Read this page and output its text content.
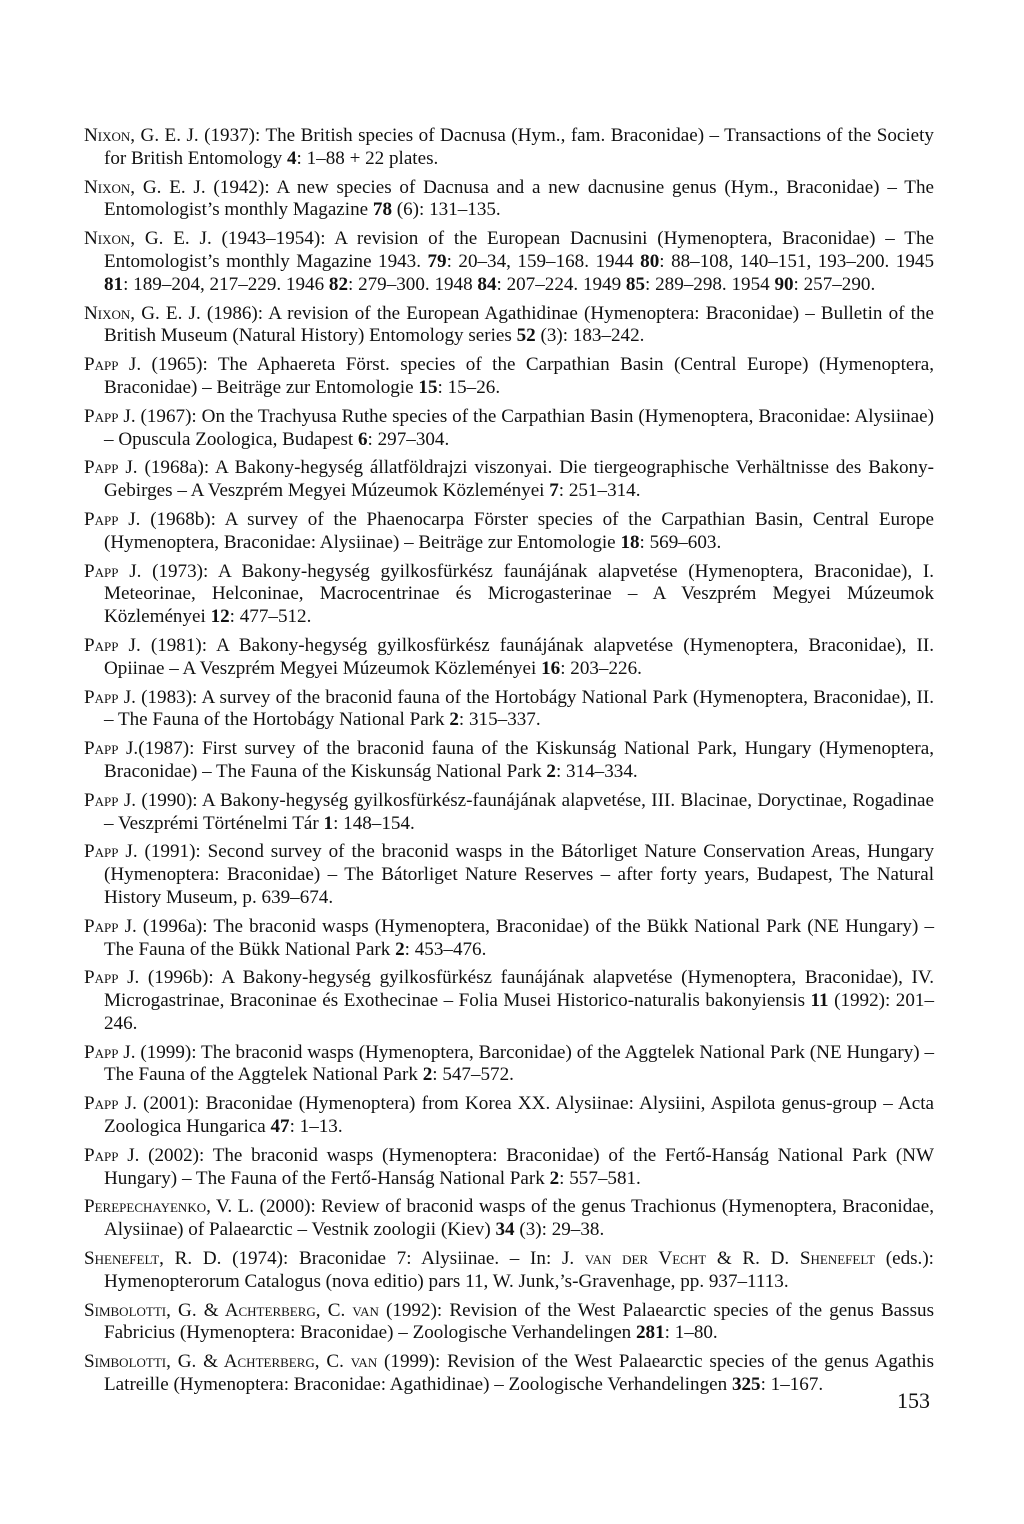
Nixon, G. E. J. (1937): The British species of Dacnusa (Hym., fam. Braconidae) – Transactions of the Society for British Entomology 4: 1–88 + 22 plates.

Nixon, G. E. J. (1942): A new species of Dacnusa and a new dacnusine genus (Hym., Braconidae) – The Entomologist’s monthly Magazine 78 (6): 131–135.

Nixon, G. E. J. (1943–1954): A revision of the European Dacnusini (Hymenoptera, Braconidae) – The Entomologist’s monthly Magazine 1943. 79: 20–34, 159–168. 1944 80: 88–108, 140–151, 193–200. 1945 81: 189–204, 217–229. 1946 82: 279–300. 1948 84: 207–224. 1949 85: 289–298. 1954 90: 257–290.

Nixon, G. E. J. (1986): A revision of the European Agathidinae (Hymenoptera: Braconidae) – Bulletin of the British Museum (Natural History) Entomology series 52 (3): 183–242.

Papp J. (1965): The Aphaereta Först. species of the Carpathian Basin (Central Europe) (Hymenoptera, Braconidae) – Beiträge zur Entomologie 15: 15–26.

Papp J. (1967): On the Trachyusa Ruthe species of the Carpathian Basin (Hymenoptera, Braconidae: Alysiinae) – Opuscula Zoologica, Budapest 6: 297–304.

Papp J. (1968a): A Bakony-hegység állatföldrajzi viszonyai. Die tiergeographische Verhältnisse des Bakony-Gebirges – A Veszprém Megyei Múzeumok Közleményei 7: 251–314.

Papp J. (1968b): A survey of the Phaenocarpa Förster species of the Carpathian Basin, Central Europe (Hymenoptera, Braconidae: Alysiinae) – Beiträge zur Entomologie 18: 569–603.

Papp J. (1973): A Bakony-hegység gyilkosfürkész faunájának alapvetése (Hymenoptera, Braconidae), I. Meteorinae, Helconinae, Macrocentrinae és Microgasterinae – A Veszprém Megyei Múzeumok Közleményei 12: 477–512.

Papp J. (1981): A Bakony-hegység gyilkosfürkész faunájának alapvetése (Hymenoptera, Braconidae), II. Opiinae – A Veszprém Megyei Múzeumok Közleményei 16: 203–226.

Papp J. (1983): A survey of the braconid fauna of the Hortobágy National Park (Hymenoptera, Braconidae), II. – The Fauna of the Hortobágy National Park 2: 315–337.

Papp J.(1987): First survey of the braconid fauna of the Kiskunság National Park, Hungary (Hymenoptera, Braconidae) – The Fauna of the Kiskunság National Park 2: 314–334.

Papp J. (1990): A Bakony-hegység gyilkosfürkész-faunájának alapvetése, III. Blacinae, Doryctinae, Rogadinae – Veszprémi Történelmi Tár 1: 148–154.

Papp J. (1991): Second survey of the braconid wasps in the Bátorliget Nature Conservation Areas, Hungary (Hymenoptera: Braconidae) – The Bátorliget Nature Reserves – after forty years, Budapest, The Natural History Museum, p. 639–674.

Papp J. (1996a): The braconid wasps (Hymenoptera, Braconidae) of the Bükk National Park (NE Hungary) – The Fauna of the Bükk National Park 2: 453–476.

Papp J. (1996b): A Bakony-hegység gyilkosfürkész faunájának alapvetése (Hymenoptera, Braconidae), IV. Microgastrinae, Braconinae és Exothecinae – Folia Musei Historico-naturalis bakonyiensis 11 (1992): 201–246.

Papp J. (1999): The braconid wasps (Hymenoptera, Barconidae) of the Aggtelek National Park (NE Hungary) – The Fauna of the Aggtelek National Park 2: 547–572.

Papp J. (2001): Braconidae (Hymenoptera) from Korea XX. Alysiinae: Alysiini, Aspilota genus-group – Acta Zoologica Hungarica 47: 1–13.

Papp J. (2002): The braconid wasps (Hymenoptera: Braconidae) of the Fertő-Hanság National Park (NW Hungary) – The Fauna of the Fertő-Hanság National Park 2: 557–581.

Perepechayenko, V. L. (2000): Review of braconid wasps of the genus Trachionus (Hymenoptera, Braconidae, Alysiinae) of Palaearctic – Vestnik zoologii (Kiev) 34 (3): 29–38.

Shenefelt, R. D. (1974): Braconidae 7: Alysiinae. – In: J. van der Vecht & R. D. Shenefelt (eds.): Hymenopterorum Catalogus (nova editio) pars 11, W. Junk,’s-Gravenhage, pp. 937–1113.

Simbolotti, G. & Achterberg, C. van (1992): Revision of the West Palaearctic species of the genus Bassus Fabricius (Hymenoptera: Braconidae) – Zoologische Verhandelingen 281: 1–80.

Simbolotti, G. & Achterberg, C. van (1999): Revision of the West Palaearctic species of the genus Agathis Latreille (Hymenoptera: Braconidae: Agathidinae) – Zoologische Verhandelingen 325: 1–167.

153
